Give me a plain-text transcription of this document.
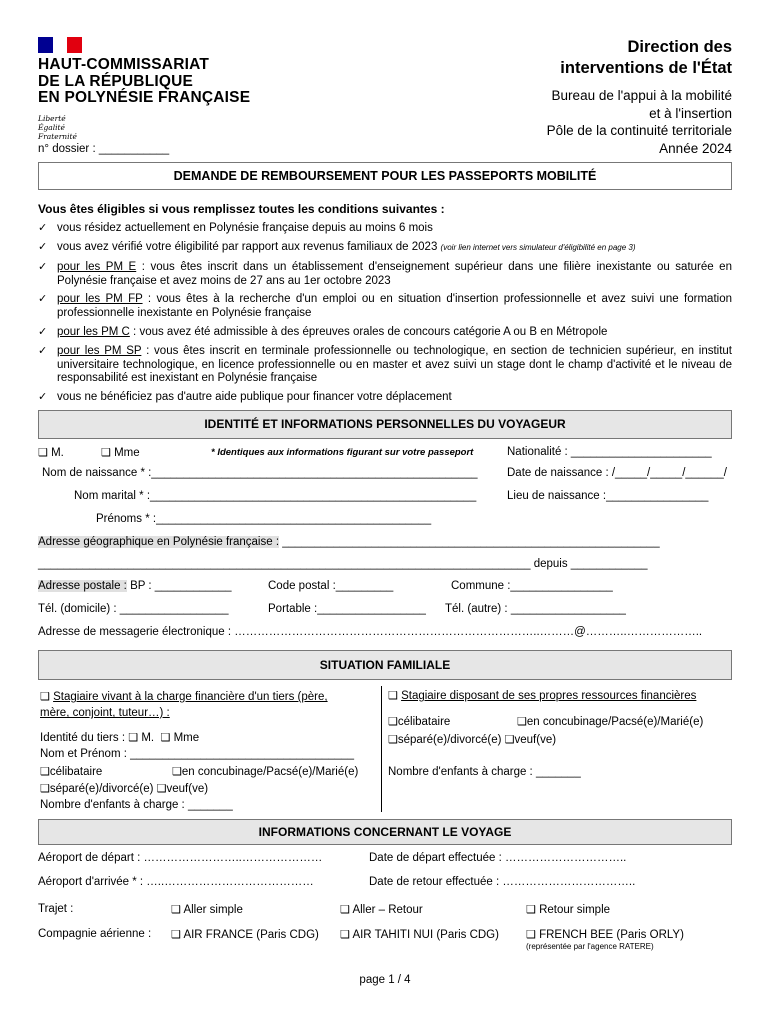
HAUT-COMMISSARIAT
DE LA RÉPUBLIQUE
EN POLYNÉSIE FRANÇAISE
Liberté
Égalité
Fraternité
n° dossier : ___________
Direction des
interventions de l'État
Bureau de l'appui à la mobilité
et à l'insertion
Pôle de la continuité territoriale
Année 2024
DEMANDE DE REMBOURSEMENT POUR LES PASSEPORTS MOBILITÉ
Vous êtes éligibles si vous remplissez toutes les conditions suivantes :
✓ vous résidez actuellement en Polynésie française depuis au moins 6 mois
✓ vous avez vérifié votre éligibilité par rapport aux revenus familiaux de 2023 (voir lien internet vers simulateur d'éligibilité en page 3)
✓ pour les PM E : vous êtes inscrit dans un établissement d'enseignement supérieur dans une filière inexistante ou saturée en Polynésie française et avez moins de 27 ans au 1er octobre 2023
✓ pour les PM FP : vous êtes à la recherche d'un emploi ou en situation d'insertion professionnelle et avez suivi une formation professionnelle inexistante en Polynésie française
✓ pour les PM C : vous avez été admissible à des épreuves orales de concours catégorie A ou B en Métropole
✓ pour les PM SP : vous êtes inscrit en terminale professionnelle ou technologique, en section de technicien supérieur, en institut universitaire technologique, en licence professionnelle ou en master et avez suivi un stage dont le champ d'activité et le niveau de responsabilité est inexistant en Polynésie française
✓ vous ne bénéficiez pas d'autre aide publique pour financer votre déplacement
IDENTITÉ ET INFORMATIONS PERSONNELLES DU VOYAGEUR
❑ M.	❑ Mme	* Identiques aux informations figurant sur votre passeport	Nationalité : ______________________
Nom de naissance * :___________________________________________________	Date de naissance : /_____/_____/______/
Nom marital * :___________________________________________________	Lieu de naissance :________________
Prénoms * :___________________________________________
Adresse géographique en Polynésie française : ___________________________________________________________
_____________________________________________________________________________ depuis ____________
Adresse postale : BP : ____________	Code postal :_________	Commune :________________
Tél. (domicile) : _________________	Portable :_________________ Tél. (autre) : __________________
Adresse de messagerie électronique : ……………………………………………………………………..………@………..………………..
SITUATION FAMILIALE
❑ Stagiaire vivant à la charge financière d'un tiers (père,
mère, conjoint, tuteur…) :
Identité du tiers : ❑ M. ❑ Mme
Nom et Prénom : ___________________________________
❑célibataire	❑en concubinage/Pacsé(e)/Marié(e)
❑séparé(e)/divorcé(e) ❑veuf(ve)
Nombre d'enfants à charge : _______
❑ Stagiaire disposant de ses propres ressources financières
❑célibataire	❑en concubinage/Pacsé(e)/Marié(e)
❑séparé(e)/divorcé(e) ❑veuf(ve)
Nombre d'enfants à charge : _______
INFORMATIONS CONCERNANT LE VOYAGE
Aéroport de départ : ……………………..…………………	Date de départ effectuée : …………………………..
Aéroport d'arrivée * : …..…………………………………	Date de retour effectuée : ……………………………..
Trajet :	❑ Aller simple	❑ Aller – Retour	❑ Retour simple
Compagnie aérienne : ❑ AIR FRANCE (Paris CDG) ❑ AIR TAHITI NUI (Paris CDG) ❑ FRENCH BEE (Paris ORLY)
(représentée par l'agence RATERE)
page 1 / 4
